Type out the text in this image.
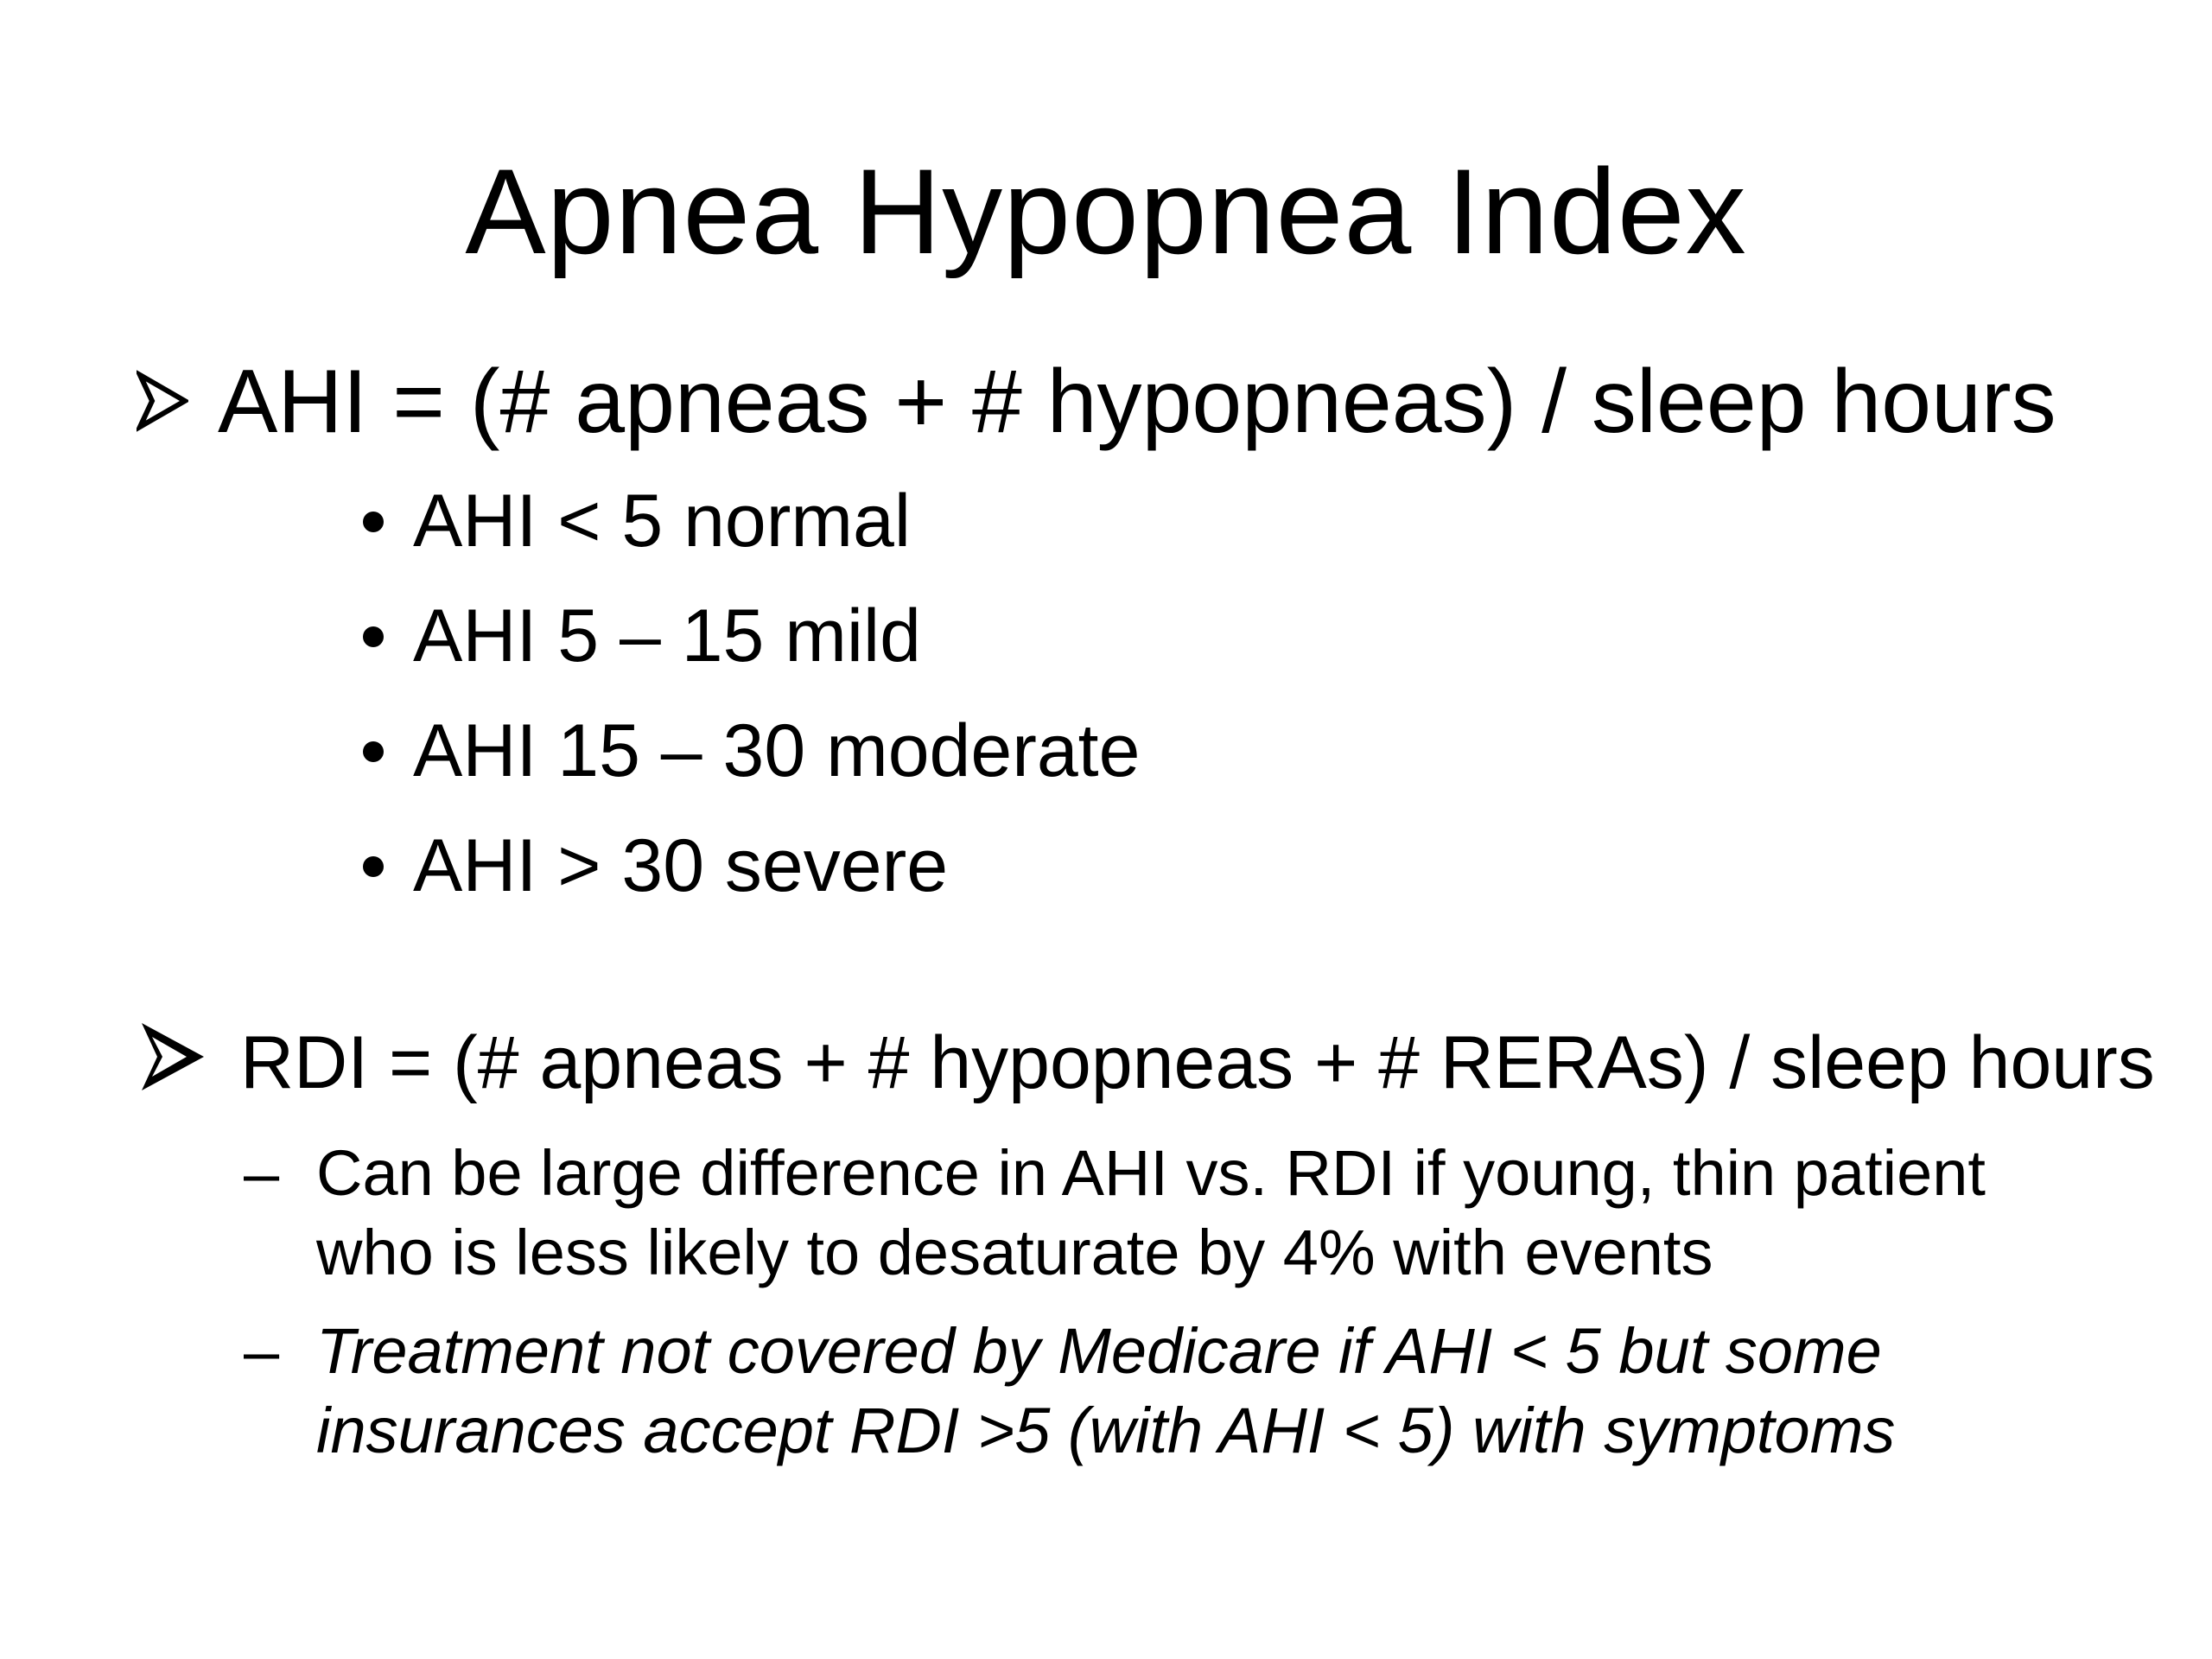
Apnea Hypopnea Index
AHI = (# apneas + # hypopneas) / sleep hours
AHI < 5 normal
AHI 5 – 15 mild
AHI 15 – 30 moderate
AHI > 30 severe
RDI = (# apneas + # hypopneas + # RERAs) / sleep hours
– Can be large difference in AHI vs. RDI if young, thin patient
who is less likely to desaturate by 4% with events
– Treatment not covered by Medicare if AHI < 5 but some
insurances accept RDI >5 (with AHI < 5) with symptoms
